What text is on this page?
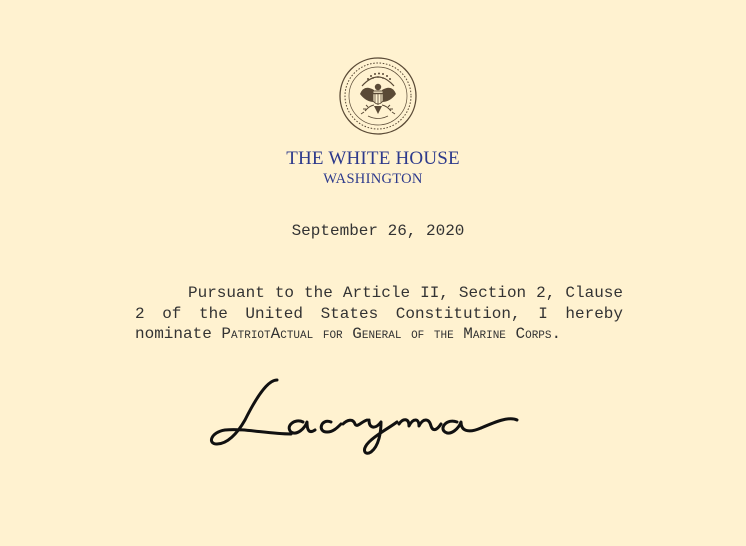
THE WHITE HOUSE
WASHINGTON
September 26, 2020

Pursuant to the Article II, Section 2, Clause 2 of the United States Constitution, I hereby nominate PatriotActual for General of the Marine Corps.
